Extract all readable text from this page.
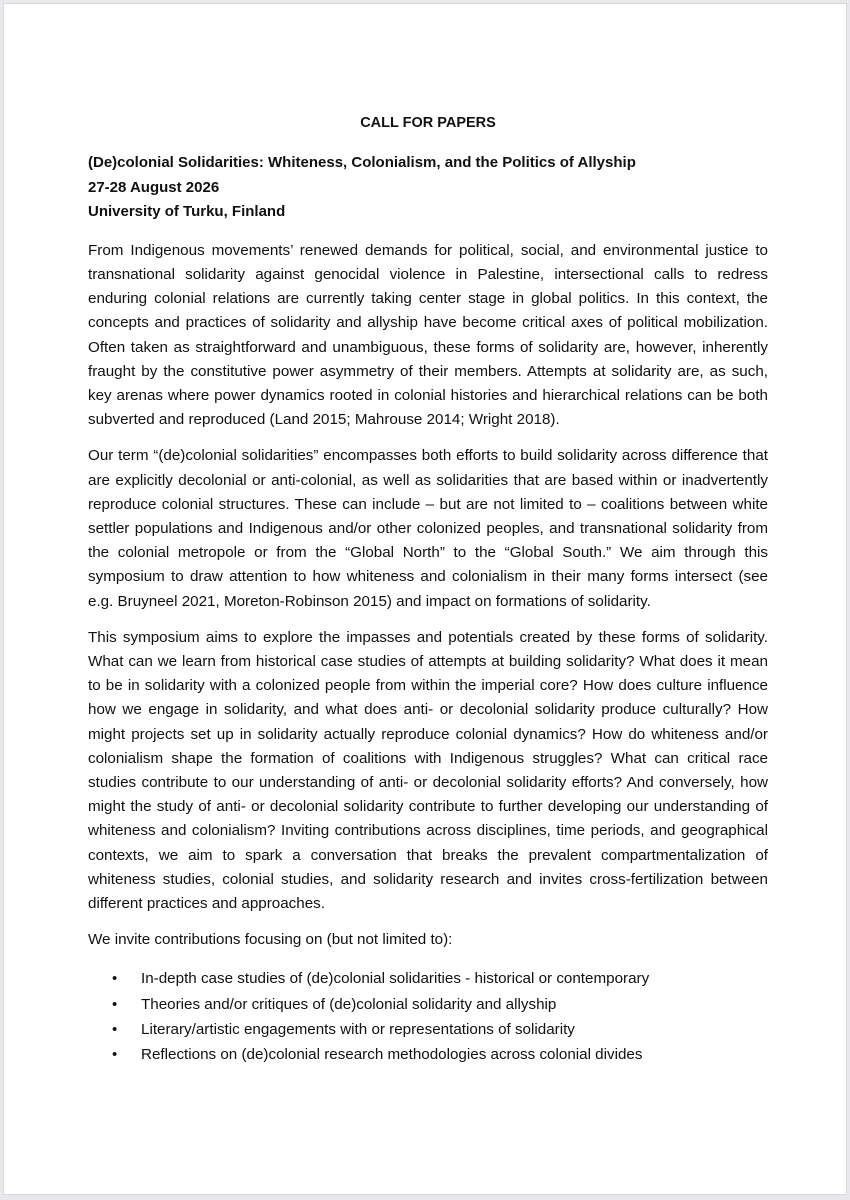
CALL FOR PAPERS
(De)colonial Solidarities: Whiteness, Colonialism, and the Politics of Allyship
27-28 August 2026
University of Turku, Finland

From Indigenous movements’ renewed demands for political, social, and environmental justice to transnational solidarity against genocidal violence in Palestine, intersectional calls to redress enduring colonial relations are currently taking center stage in global politics. In this context, the concepts and practices of solidarity and allyship have become critical axes of political mobilization. Often taken as straightforward and unambiguous, these forms of solidarity are, however, inherently fraught by the constitutive power asymmetry of their members. Attempts at solidarity are, as such, key arenas where power dynamics rooted in colonial histories and hierarchical relations can be both subverted and reproduced (Land 2015; Mahrouse 2014; Wright 2018).

Our term “(de)colonial solidarities” encompasses both efforts to build solidarity across difference that are explicitly decolonial or anti-colonial, as well as solidarities that are based within or inadvertently reproduce colonial structures. These can include – but are not limited to – coalitions between white settler populations and Indigenous and/or other colonized peoples, and transnational solidarity from the colonial metropole or from the “Global North” to the “Global South.” We aim through this symposium to draw attention to how whiteness and colonialism in their many forms intersect (see e.g. Bruyneel 2021, Moreton-Robinson 2015) and impact on formations of solidarity.

This symposium aims to explore the impasses and potentials created by these forms of solidarity. What can we learn from historical case studies of attempts at building solidarity? What does it mean to be in solidarity with a colonized people from within the imperial core? How does culture influence how we engage in solidarity, and what does anti- or decolonial solidarity produce culturally? How might projects set up in solidarity actually reproduce colonial dynamics? How do whiteness and/or colonialism shape the formation of coalitions with Indigenous struggles? What can critical race studies contribute to our understanding of anti- or decolonial solidarity efforts? And conversely, how might the study of anti- or decolonial solidarity contribute to further developing our understanding of whiteness and colonialism? Inviting contributions across disciplines, time periods, and geographical contexts, we aim to spark a conversation that breaks the prevalent compartmentalization of whiteness studies, colonial studies, and solidarity research and invites cross-fertilization between different practices and approaches.

We invite contributions focusing on (but not limited to):

• In-depth case studies of (de)colonial solidarities - historical or contemporary
• Theories and/or critiques of (de)colonial solidarity and allyship
• Literary/artistic engagements with or representations of solidarity
• Reflections on (de)colonial research methodologies across colonial divides
